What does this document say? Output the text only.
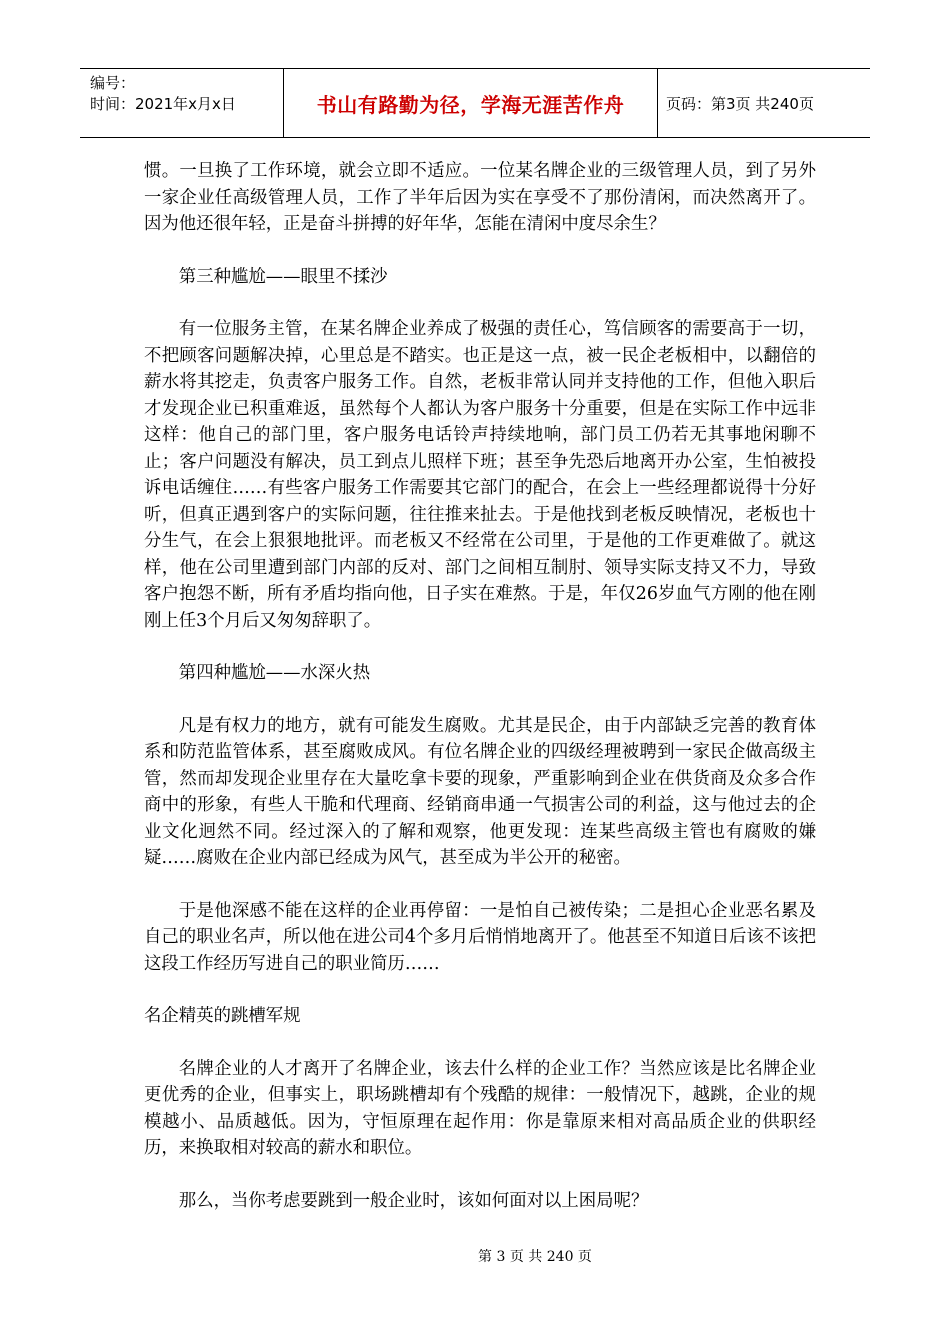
编号：
时间：2021年x月x日	书山有路勤为径，学海无涯苦作舟	页码：第3页 共240页

惯。一旦换了工作环境，就会立即不适应。一位某名牌企业的三级管理人员，到了另外一家企业任高级管理人员，工作了半年后因为实在享受不了那份清闲，而决然离开了。因为他还很年轻，正是奋斗拼搏的好年华，怎能在清闲中度尽余生？

第三种尴尬——眼里不揉沙

有一位服务主管，在某名牌企业养成了极强的责任心，笃信顾客的需要高于一切，不把顾客问题解决掉，心里总是不踏实。也正是这一点，被一民企老板相中，以翻倍的薪水将其挖走，负责客户服务工作。自然，老板非常认同并支持他的工作，但他入职后才发现企业已积重难返，虽然每个人都认为客户服务十分重要，但是在实际工作中远非这样：他自己的部门里，客户服务电话铃声持续地响，部门员工仍若无其事地闲聊不止；客户问题没有解决，员工到点儿照样下班；甚至争先恐后地离开办公室，生怕被投诉电话缠住……有些客户服务工作需要其它部门的配合，在会上一些经理都说得十分好听，但真正遇到客户的实际问题，往往推来扯去。于是他找到老板反映情况，老板也十分生气，在会上狠狠地批评。而老板又不经常在公司里，于是他的工作更难做了。就这样，他在公司里遭到部门内部的反对、部门之间相互制肘、领导实际支持又不力，导致客户抱怨不断，所有矛盾均指向他，日子实在难熬。于是，年仅26岁血气方刚的他在刚刚上任3个月后又匆匆辞职了。

第四种尴尬——水深火热

凡是有权力的地方，就有可能发生腐败。尤其是民企，由于内部缺乏完善的教育体系和防范监管体系，甚至腐败成风。有位名牌企业的四级经理被聘到一家民企做高级主管，然而却发现企业里存在大量吃拿卡要的现象，严重影响到企业在供货商及众多合作商中的形象，有些人干脆和代理商、经销商串通一气损害公司的利益，这与他过去的企业文化迥然不同。经过深入的了解和观察，他更发现：连某些高级主管也有腐败的嫌疑……腐败在企业内部已经成为风气，甚至成为半公开的秘密。

于是他深感不能在这样的企业再停留：一是怕自己被传染；二是担心企业恶名累及自己的职业名声，所以他在进公司4个多月后悄悄地离开了。他甚至不知道日后该不该把这段工作经历写进自己的职业简历……

名企精英的跳槽军规

名牌企业的人才离开了名牌企业，该去什么样的企业工作？当然应该是比名牌企业更优秀的企业，但事实上，职场跳槽却有个残酷的规律：一般情况下，越跳，企业的规模越小、品质越低。因为，守恒原理在起作用：你是靠原来相对高品质企业的供职经历，来换取相对较高的薪水和职位。

那么，当你考虑要跳到一般企业时，该如何面对以上困局呢？

第 3 页 共 240 页
